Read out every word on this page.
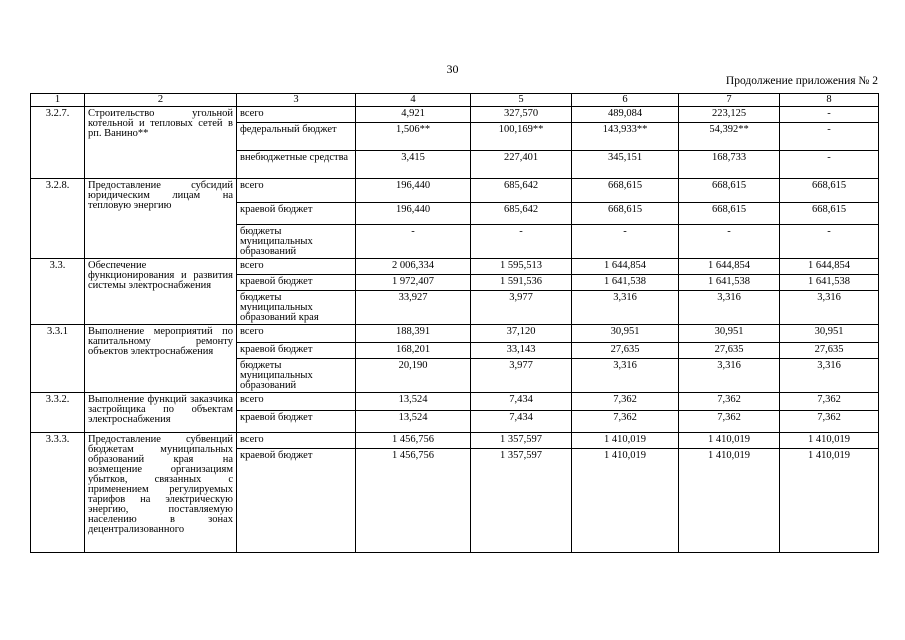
30
Продолжение приложения № 2
1	2	3	4	5	6	7	8
3.2.7.	Строительство угольной котельной и тепловых сетей в рп. Ванино**	всего	4,921	327,570	489,084	223,125	-
		федеральный бюджет	1,506**	100,169**	143,933**	54,392**	-
		внебюджетные средства	3,415	227,401	345,151	168,733	-
3.2.8.	Предоставление субсидий юридическим лицам на тепловую энергию	всего	196,440	685,642	668,615	668,615	668,615
		краевой бюджет	196,440	685,642	668,615	668,615	668,615
		бюджеты муниципальных образований	-	-	-	-	-
3.3.	Обеспечение функционирования и развития системы электроснабжения	всего	2 006,334	1 595,513	1 644,854	1 644,854	1 644,854
		краевой бюджет	1 972,407	1 591,536	1 641,538	1 641,538	1 641,538
		бюджеты муниципальных образований края	33,927	3,977	3,316	3,316	3,316
3.3.1	Выполнение мероприятий по капитальному ремонту объектов электроснабжения	всего	188,391	37,120	30,951	30,951	30,951
		краевой бюджет	168,201	33,143	27,635	27,635	27,635
		бюджеты муниципальных образований	20,190	3,977	3,316	3,316	3,316
3.3.2.	Выполнение функций заказчика застройщика по объектам электроснабжения	всего	13,524	7,434	7,362	7,362	7,362
		краевой бюджет	13,524	7,434	7,362	7,362	7,362
3.3.3.	Предоставление субвенций бюджетам муниципальных образований края на возмещение организациям убытков, связанных с применением регулируемых тарифов на электрическую энергию, поставляемую населению в зонах децентрализованного	всего	1 456,756	1 357,597	1 410,019	1 410,019	1 410,019
		краевой бюджет	1 456,756	1 357,597	1 410,019	1 410,019	1 410,019
